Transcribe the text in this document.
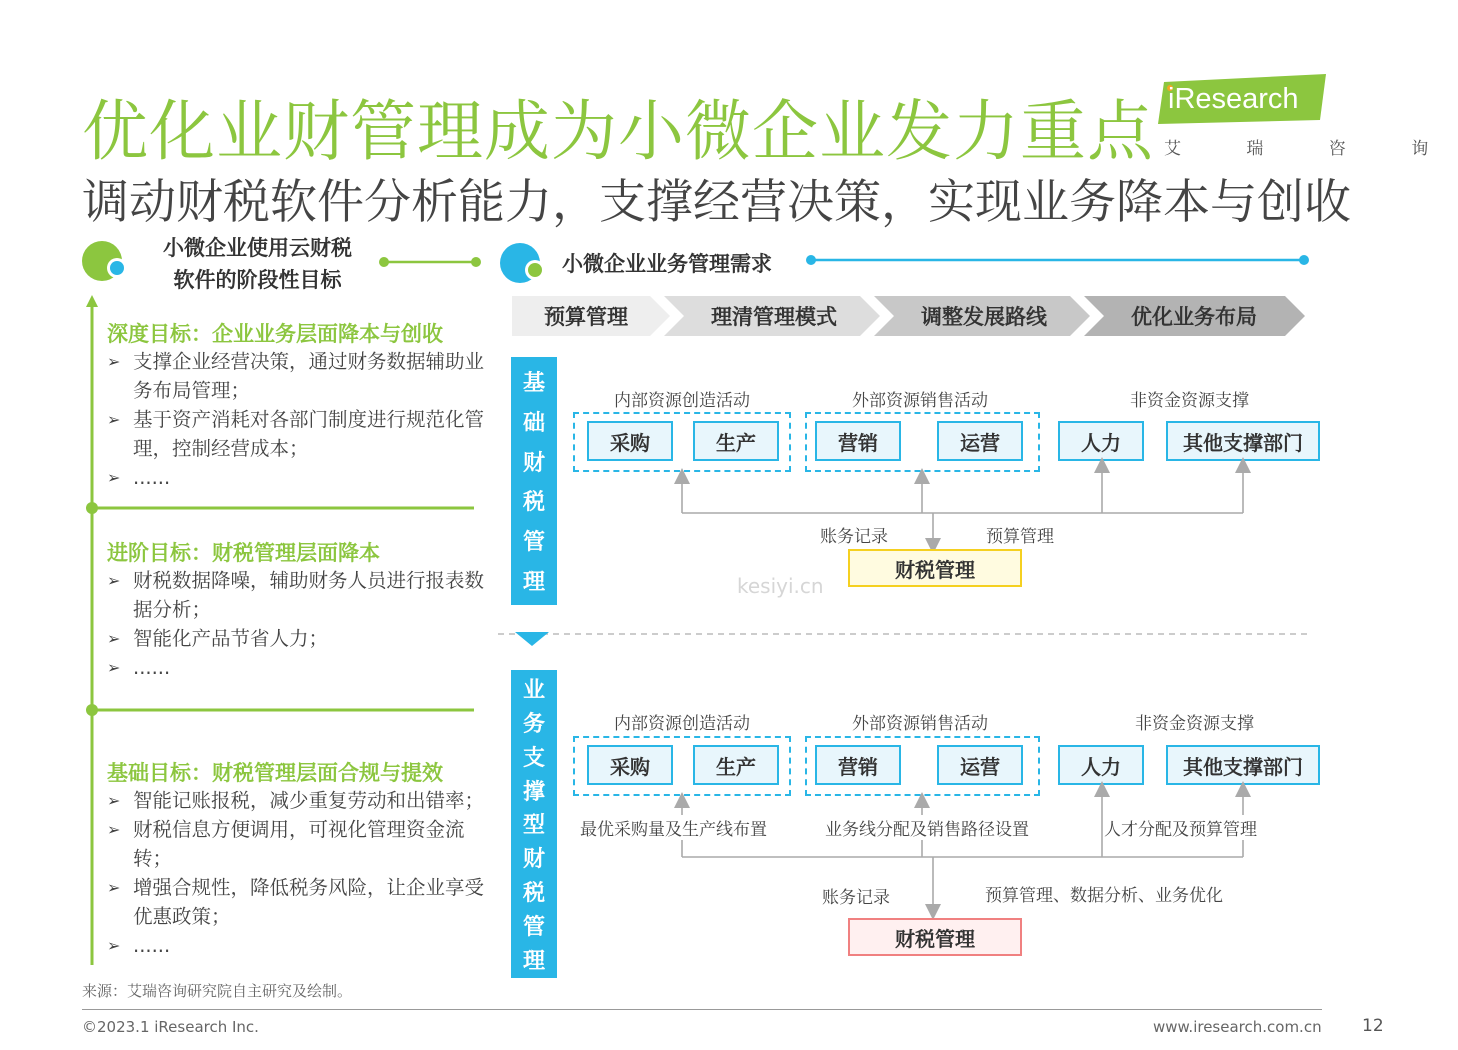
优化业财管理成为小微企业发力重点
调动财税软件分析能力，支撑经营决策，实现业务降本与创收
iResearch
艾 瑞 咨 询
小微企业使用云财税
软件的阶段性目标
深度目标：企业业务层面降本与创收
➢ 支撑企业经营决策，通过财务数据辅助业务布局管理；
➢ 基于资产消耗对各部门制度进行规范化管理，控制经营成本；
➢ ......
进阶目标：财税管理层面降本
➢ 财税数据降噪，辅助财务人员进行报表数据分析；
➢ 智能化产品节省人力；
➢ ......
基础目标：财税管理层面合规与提效
➢ 智能记账报税，减少重复劳动和出错率；
➢ 财税信息方便调用，可视化管理资金流转；
➢ 增强合规性，降低税务风险，让企业享受优惠政策；
➢ ......
小微企业业务管理需求
预算管理	理清管理模式	调整发展路线	优化业务布局
基
础
财
税
管
理
内部资源创造活动	外部资源销售活动	非资金资源支撑
采购	生产	营销	运营	人力	其他支撑部门
账务记录	预算管理
财税管理
业
务
支
撑
型
财
税
管
理
内部资源创造活动	外部资源销售活动	非资金资源支撑
采购	生产	营销	运营	人力	其他支撑部门
最优采购量及生产线布置	业务线分配及销售路径设置	人才分配及预算管理
账务记录	预算管理、数据分析、业务优化
财税管理
kesiyi.cn
来源：艾瑞咨询研究院自主研究及绘制。
©2023.1 iResearch Inc.	www.iresearch.com.cn 12
